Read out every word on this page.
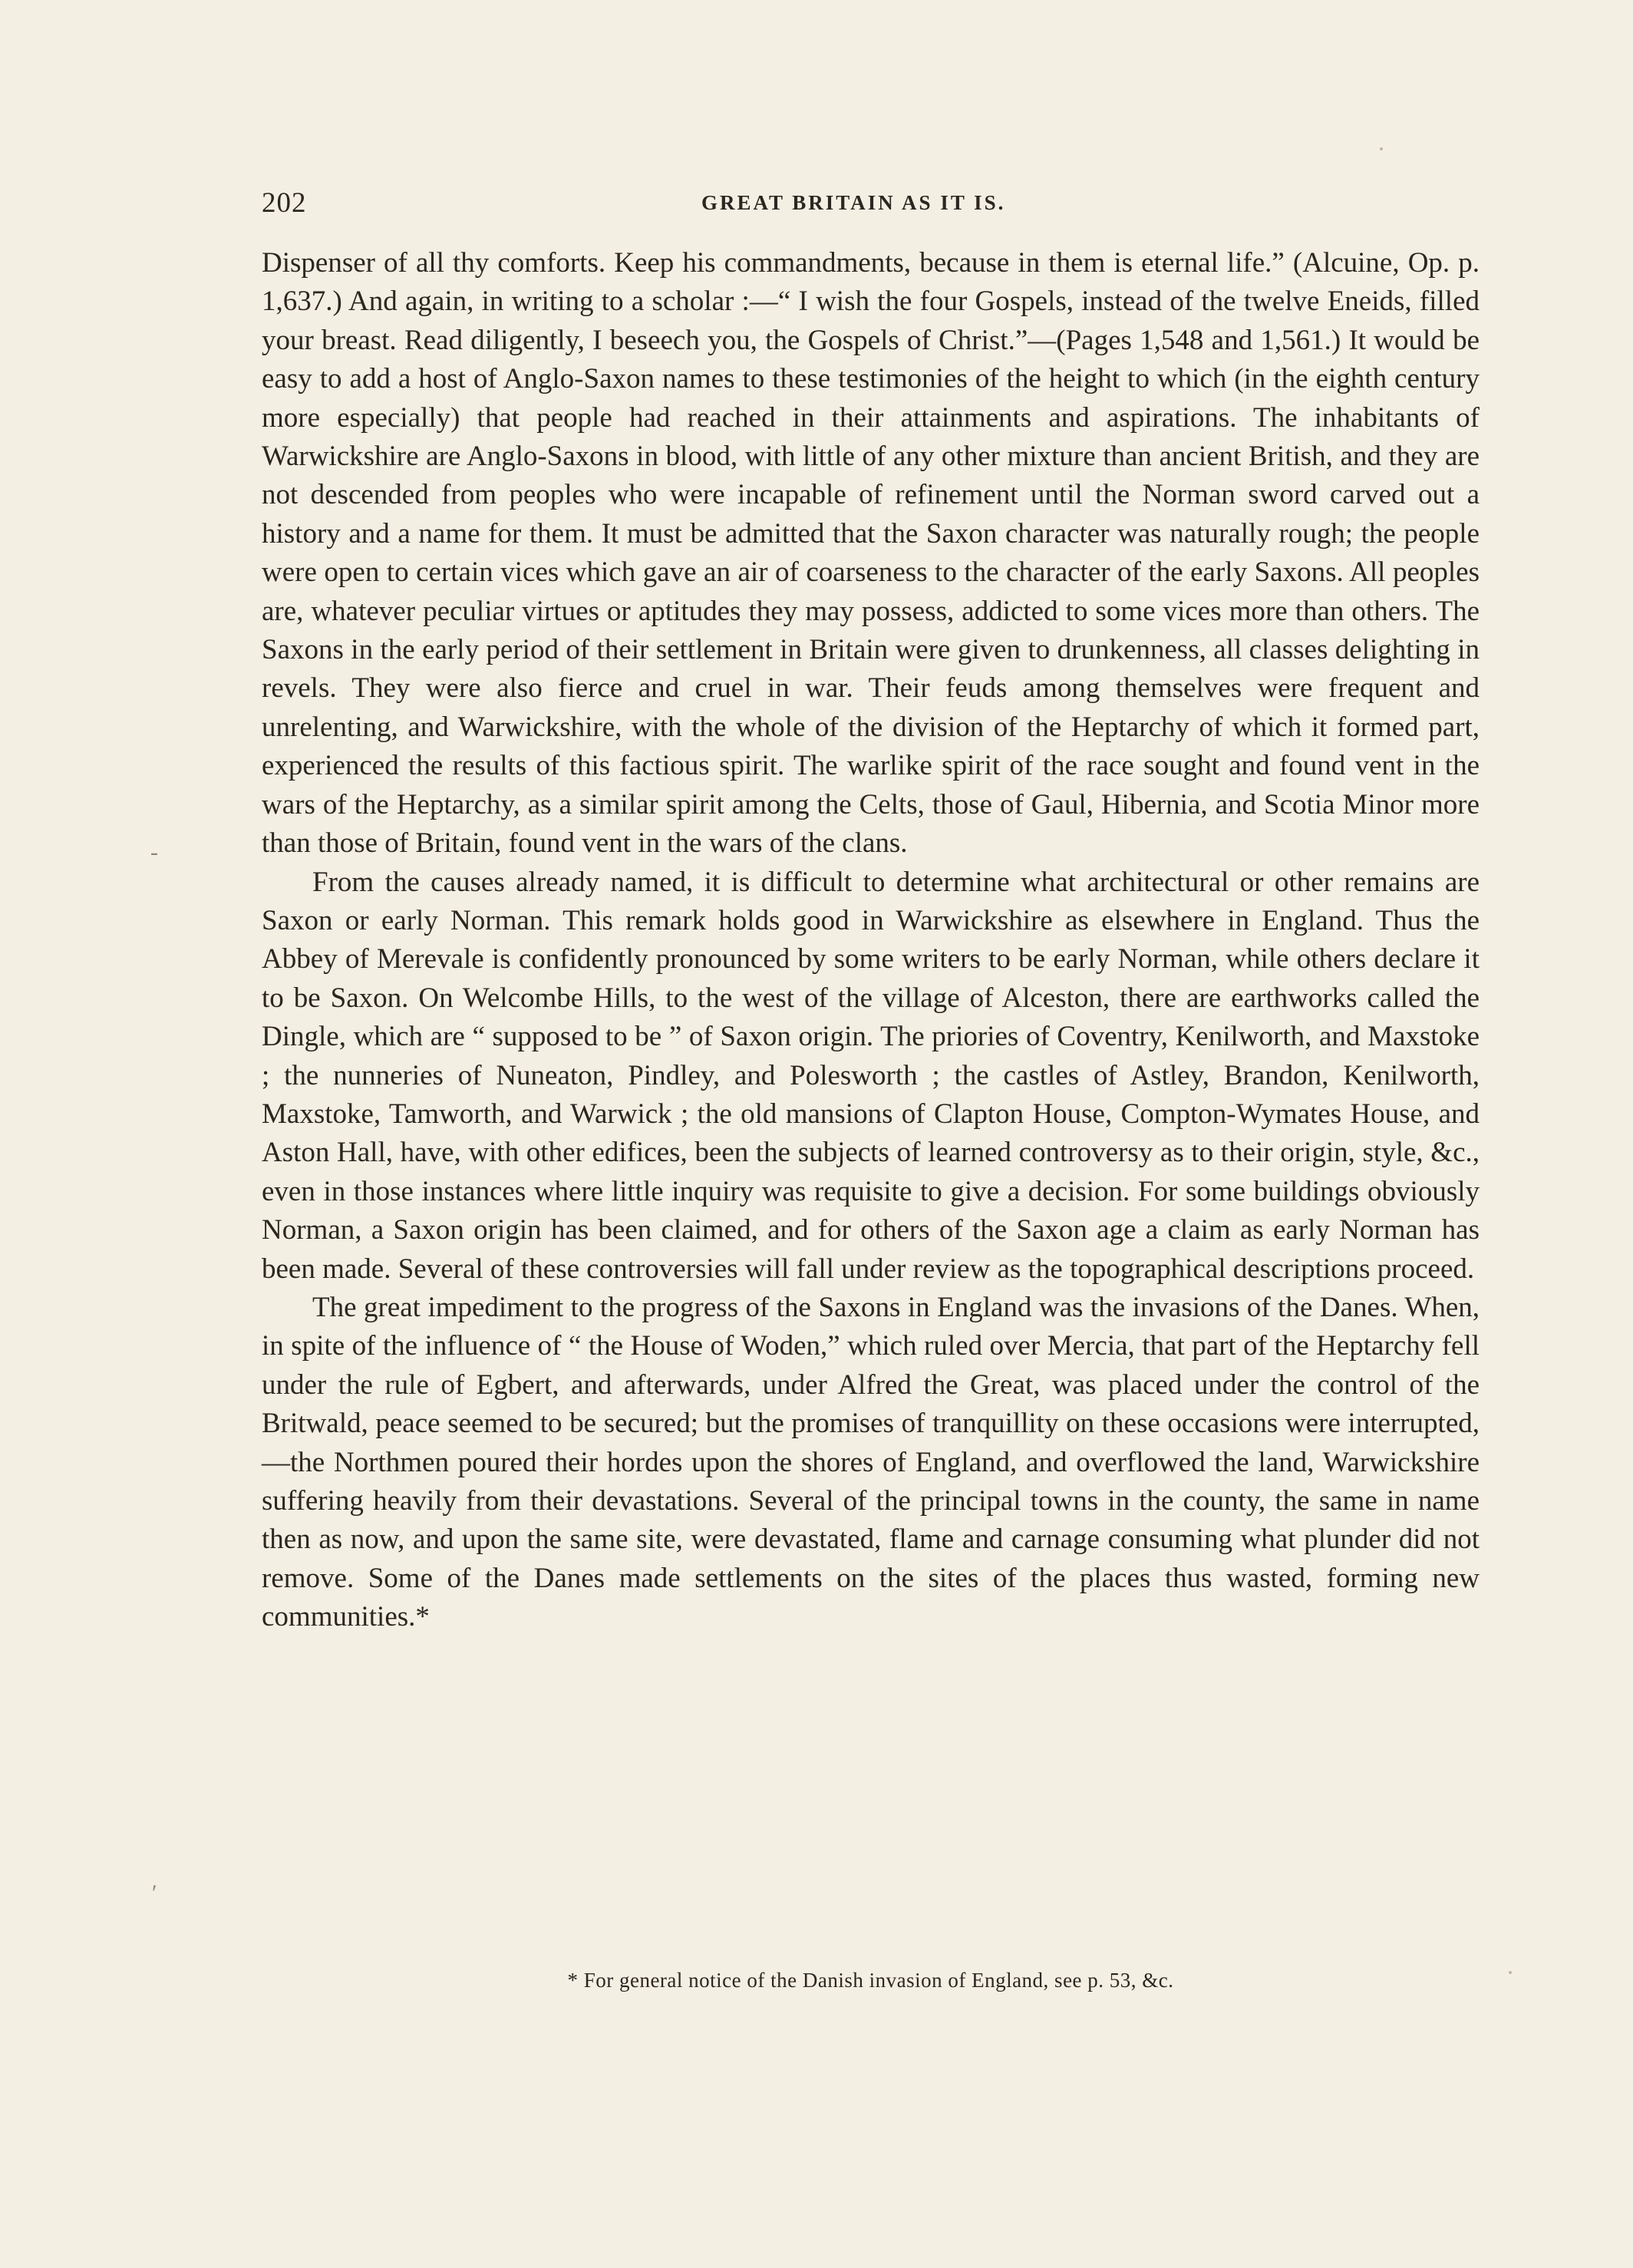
202	GREAT BRITAIN AS IT IS.

Dispenser of all thy comforts. Keep his commandments, because in them is eternal life.” (Alcuine, Op. p. 1,637.) And again, in writing to a scholar :—“ I wish the four Gospels, instead of the twelve Eneids, filled your breast. Read diligently, I beseech you, the Gospels of Christ.”—(Pages 1,548 and 1,561.) It would be easy to add a host of Anglo-Saxon names to these testimonies of the height to which (in the eighth century more especially) that people had reached in their attainments and aspirations. The inhabitants of Warwickshire are Anglo-Saxons in blood, with little of any other mixture than ancient British, and they are not descended from peoples who were incapable of refinement until the Norman sword carved out a history and a name for them. It must be admitted that the Saxon character was naturally rough; the people were open to certain vices which gave an air of coarseness to the character of the early Saxons. All peoples are, whatever peculiar virtues or aptitudes they may possess, addicted to some vices more than others. The Saxons in the early period of their settlement in Britain were given to drunkenness, all classes delighting in revels. They were also fierce and cruel in war. Their feuds among themselves were frequent and unrelenting, and Warwickshire, with the whole of the division of the Heptarchy of which it formed part, experienced the results of this factious spirit. The warlike spirit of the race sought and found vent in the wars of the Heptarchy, as a similar spirit among the Celts, those of Gaul, Hibernia, and Scotia Minor more than those of Britain, found vent in the wars of the clans.

From the causes already named, it is difficult to determine what architectural or other remains are Saxon or early Norman. This remark holds good in Warwickshire as elsewhere in England. Thus the Abbey of Merevale is confidently pronounced by some writers to be early Norman, while others declare it to be Saxon. On Welcombe Hills, to the west of the village of Alceston, there are earthworks called the Dingle, which are “ supposed to be ” of Saxon origin. The priories of Coventry, Kenilworth, and Maxstoke ; the nunneries of Nuneaton, Pindley, and Polesworth ; the castles of Astley, Brandon, Kenilworth, Maxstoke, Tamworth, and Warwick ; the old mansions of Clapton House, Compton-Wymates House, and Aston Hall, have, with other edifices, been the subjects of learned controversy as to their origin, style, &c., even in those instances where little inquiry was requisite to give a decision. For some buildings obviously Norman, a Saxon origin has been claimed, and for others of the Saxon age a claim as early Norman has been made. Several of these controversies will fall under review as the topographical descriptions proceed.

The great impediment to the progress of the Saxons in England was the invasions of the Danes. When, in spite of the influence of “ the House of Woden,” which ruled over Mercia, that part of the Heptarchy fell under the rule of Egbert, and afterwards, under Alfred the Great, was placed under the control of the Britwald, peace seemed to be secured; but the promises of tranquillity on these occasions were interrupted,—the Northmen poured their hordes upon the shores of England, and overflowed the land, Warwickshire suffering heavily from their devastations. Several of the principal towns in the county, the same in name then as now, and upon the same site, were devastated, flame and carnage consuming what plunder did not remove. Some of the Danes made settlements on the sites of the places thus wasted, forming new communities.*

* For general notice of the Danish invasion of England, see p. 53, &c.
-
′
